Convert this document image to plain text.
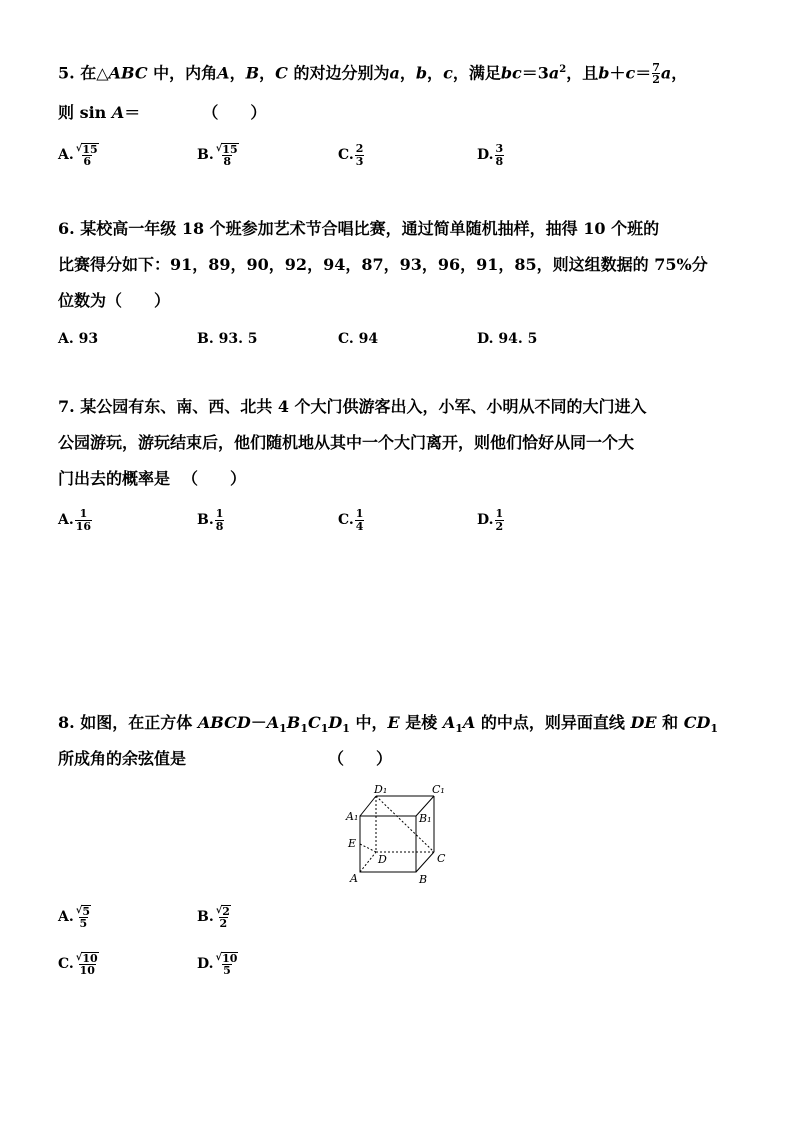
5. 在△ABC 中，内角A，B，C 的对边分别为a，b，c，满足$bc=3a^2$，且$b+c= \frac{7}{2}$ a，
则 sin A＝	（　　）
A. $\frac{√ 15}{6}$	B. $\frac{√ 15}{8}$	C. $\frac{2}{3}$	D. $\frac{3}{8}$
6. 某校高一年级 18 个班参加艺术节合唱比赛，通过简单随机抽样，抽得 10 个班的
比赛得分如下：91，89，90，92，94，87，93，96，91，85，则这组数据的 75%分
位数为（　　）
A. 93	B. 93. 5	C. 94	D. 94. 5
7. 某公园有东、南、西、北共 4 个大门供游客出入，小军、小明从不同的大门进入
公园游玩，游玩结束后，他们随机地从其中一个大门离开，则他们恰好从同一个大
门出去的概率是 （　　）
A. $\frac{1}{16}$	B. $\frac{1}{8}$	C. $\frac{1}{4}$	D. $\frac{1}{2}$
8. 如图，在正方体 $ABCD-A_1B_1C_1D_1$ 中，E 是棱 $A_1A$ 的中点，则异面直线 DE 和 $CD_1$
所成角的余弦值是	（　　）
D₁	C₁
A₁	B₁
E
D	C
A	B
A. $\frac{√ 5}{5}$	B. $\frac{√ 2}{2}$
C. $\frac{√ 10}{10}$	D. $\frac{√ 10}{5}$
